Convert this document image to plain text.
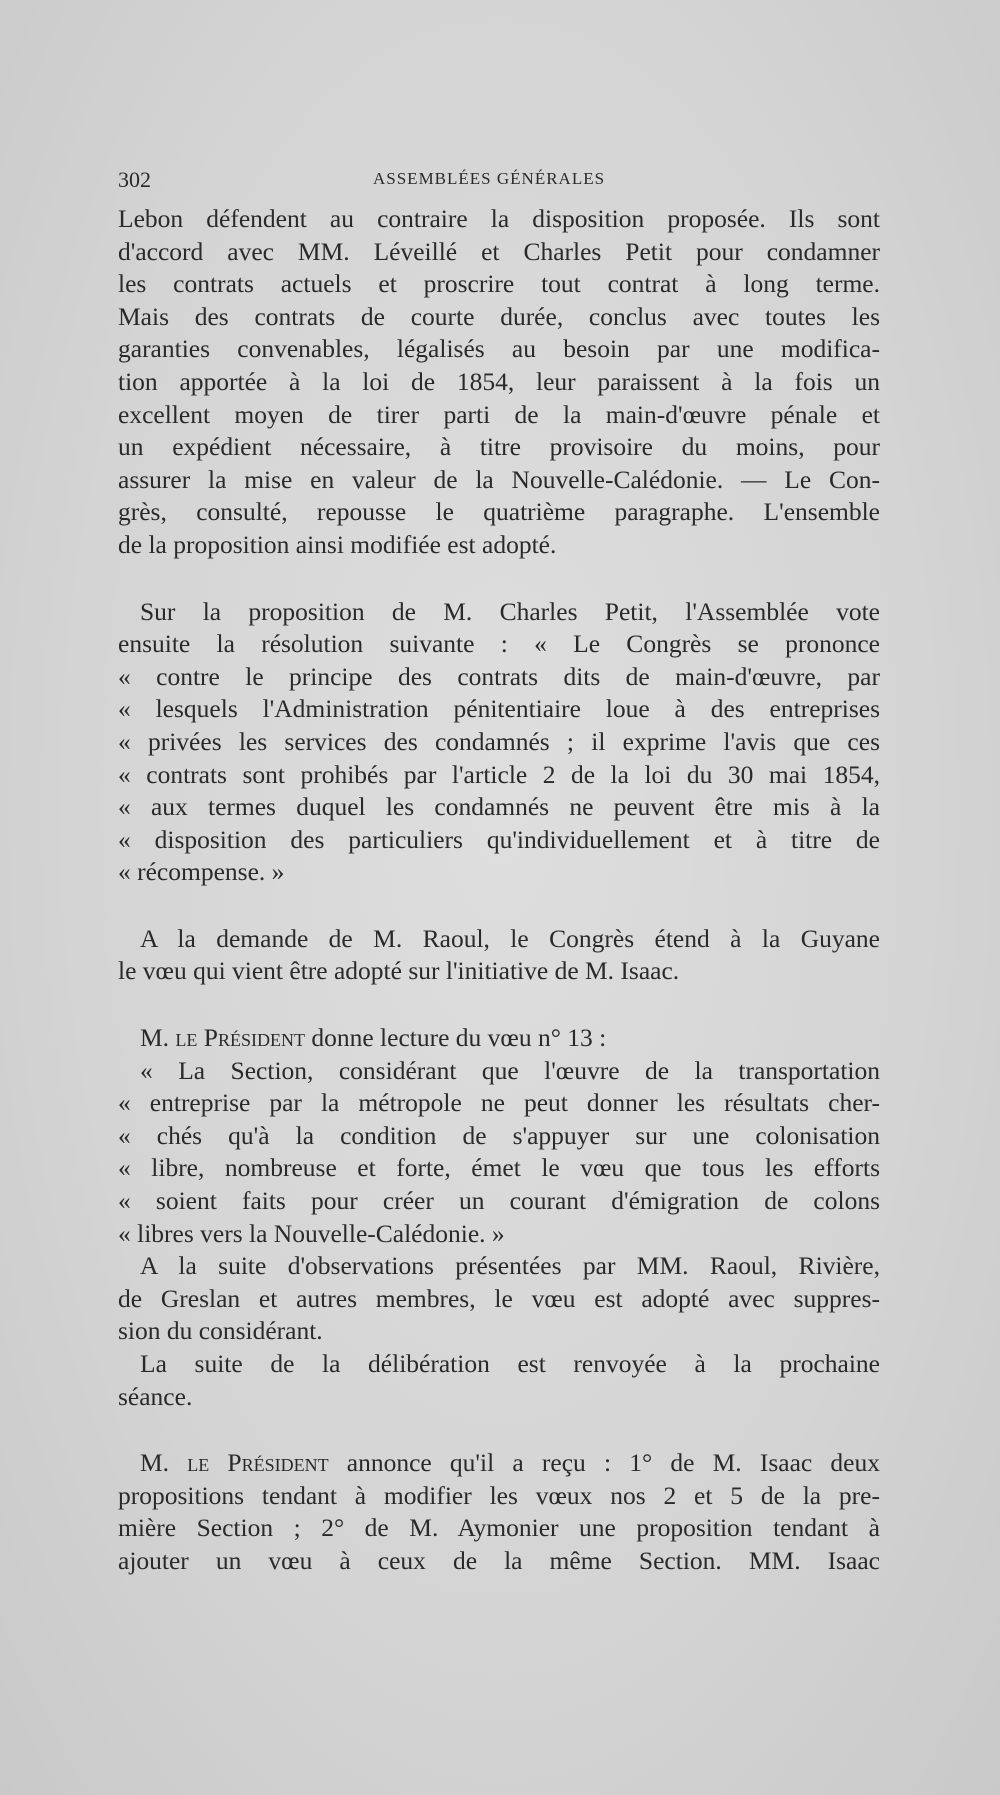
302	ASSEMBLÉES GÉNÉRALES
Lebon défendent au contraire la disposition proposée. Ils sont
d'accord avec MM. Léveillé et Charles Petit pour condamner
les contrats actuels et proscrire tout contrat à long terme.
Mais des contrats de courte durée, conclus avec toutes les
garanties convenables, légalisés au besoin par une modifica-
tion apportée à la loi de 1854, leur paraissent à la fois un
excellent moyen de tirer parti de la main-d'œuvre pénale et
un expédient nécessaire, à titre provisoire du moins, pour
assurer la mise en valeur de la Nouvelle-Calédonie. — Le Con-
grès, consulté, repousse le quatrième paragraphe. L'ensemble
de la proposition ainsi modifiée est adopté.
Sur la proposition de M. Charles Petit, l'Assemblée vote
ensuite la résolution suivante : « Le Congrès se prononce
« contre le principe des contrats dits de main-d'œuvre, par
« lesquels l'Administration pénitentiaire loue à des entreprises
« privées les services des condamnés ; il exprime l'avis que ces
« contrats sont prohibés par l'article 2 de la loi du 30 mai 1854,
« aux termes duquel les condamnés ne peuvent être mis à la
« disposition des particuliers qu'individuellement et à titre de
« récompense. »
A la demande de M. Raoul, le Congrès étend à la Guyane
le vœu qui vient être adopté sur l'initiative de M. Isaac.
M. le Président donne lecture du vœu n° 13 :
« La Section, considérant que l'œuvre de la transportation
« entreprise par la métropole ne peut donner les résultats cher-
« chés qu'à la condition de s'appuyer sur une colonisation
« libre, nombreuse et forte, émet le vœu que tous les efforts
« soient faits pour créer un courant d'émigration de colons
« libres vers la Nouvelle-Calédonie. »
A la suite d'observations présentées par MM. Raoul, Rivière,
de Greslan et autres membres, le vœu est adopté avec suppres-
sion du considérant.
La suite de la délibération est renvoyée à la prochaine
séance.
M. le Président annonce qu'il a reçu : 1° de M. Isaac deux
propositions tendant à modifier les vœux nos 2 et 5 de la pre-
mière Section ; 2° de M. Aymonier une proposition tendant à
ajouter un vœu à ceux de la même Section. MM. Isaac
